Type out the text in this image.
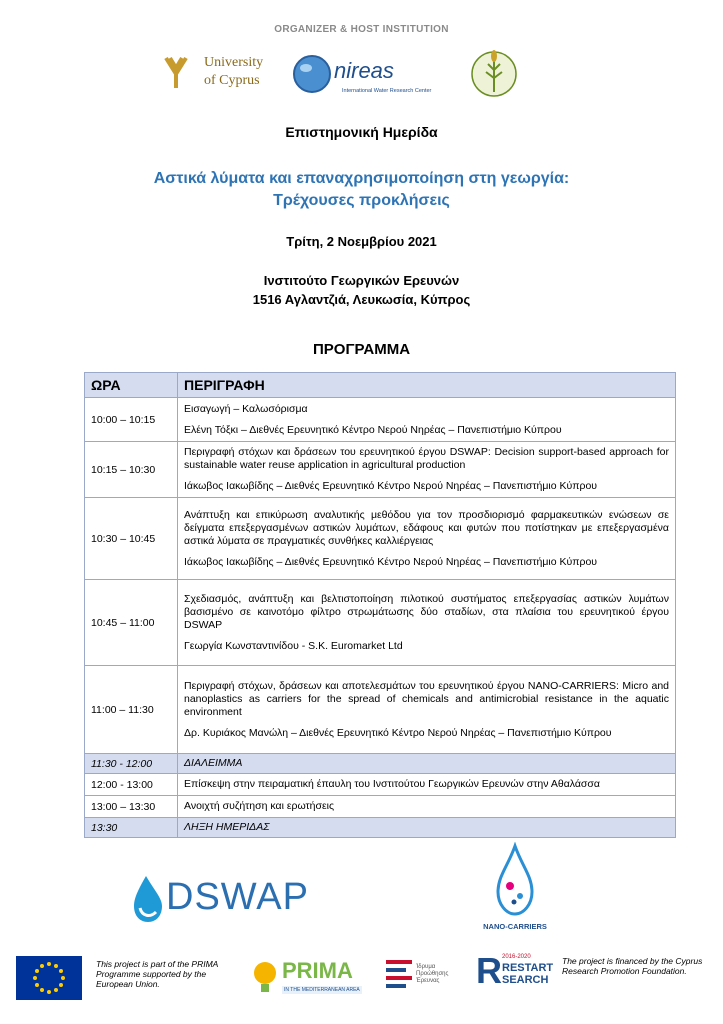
ORGANIZER & HOST INSTITUTION
University
of Cyprus	nireas
International Water Research Center
Επιστημονική Ημερίδα
Αστικά λύματα και επαναχρησιμοποίηση στη γεωργία:
Τρέχουσες προκλήσεις
Τρίτη, 2 Νοεμβρίου 2021
Ινστιτούτο Γεωργικών Ερευνών
1516 Αγλαντζιά, Λευκωσία, Κύπρος
ΠΡΟΓΡΑΜΜΑ
ΩΡΑ	ΠΕΡΙΓΡΑΦΗ
10:00 – 10:15	Εισαγωγή – Καλωσόρισμα
Ελένη Τόξκι – Διεθνές Ερευνητικό Κέντρο Νερού Νηρέας – Πανεπιστήμιο Κύπρου

10:15 – 10:30	Περιγραφή στόχων και δράσεων του ερευνητικού έργου DSWAP: Decision support-based approach for sustainable water reuse application in agricultural production
Ιάκωβος Ιακωβίδης – Διεθνές Ερευνητικό Κέντρο Νερού Νηρέας – Πανεπιστήμιο Κύπρου

10:30 – 10:45	Ανάπτυξη και επικύρωση αναλυτικής μεθόδου για τον προσδιορισμό φαρμακευτικών ενώσεων σε δείγματα επεξεργασμένων αστικών λυμάτων, εδάφους και φυτών που ποτίστηκαν με επεξεργασμένα αστικά λύματα σε πραγματικές συνθήκες καλλιέργειας
Ιάκωβος Ιακωβίδης – Διεθνές Ερευνητικό Κέντρο Νερού Νηρέας – Πανεπιστήμιο Κύπρου

10:45 – 11:00	Σχεδιασμός, ανάπτυξη και βελτιστοποίηση πιλοτικού συστήματος επεξεργασίας αστικών λυμάτων βασισμένο σε καινοτόμο φίλτρο στρωμάτωσης δύο σταδίων, στα πλαίσια του ερευνητικού έργου DSWAP
Γεωργία Κωνσταντινίδου - S.K. Euromarket Ltd

11:00 – 11:30	Περιγραφή στόχων, δράσεων και αποτελεσμάτων του ερευνητικού έργου NANO-CARRIERS: Micro and nanoplastics as carriers for the spread of chemicals and antimicrobial resistance in the aquatic environment
Δρ. Κυριάκος Μανώλη – Διεθνές Ερευνητικό Κέντρο Νερού Νηρέας – Πανεπιστήμιο Κύπρου

11:30 - 12:00	ΔΙΑΛΕΙΜΜΑ
12:00 - 13:00	Επίσκεψη στην πειραματική έπαυλη του Ινστιτούτου Γεωργικών Ερευνών στην Αθαλάσσα
13:00 – 13:30	Ανοιχτή συζήτηση και ερωτήσεις
13:30	ΛΗΞΗ ΗΜΕΡΙΔΑΣ
DSWAP
NANO-CARRIERS
This project is part of the PRIMA Programme supported by the European Union.
PRIMA
IN THE MEDITERRANEAN AREA
Ίδρυμα Προώθησης Έρευνας	R 2016-2020
RESTART
SEARCH
The project is financed by the Cyprus Research Promotion Foundation.
